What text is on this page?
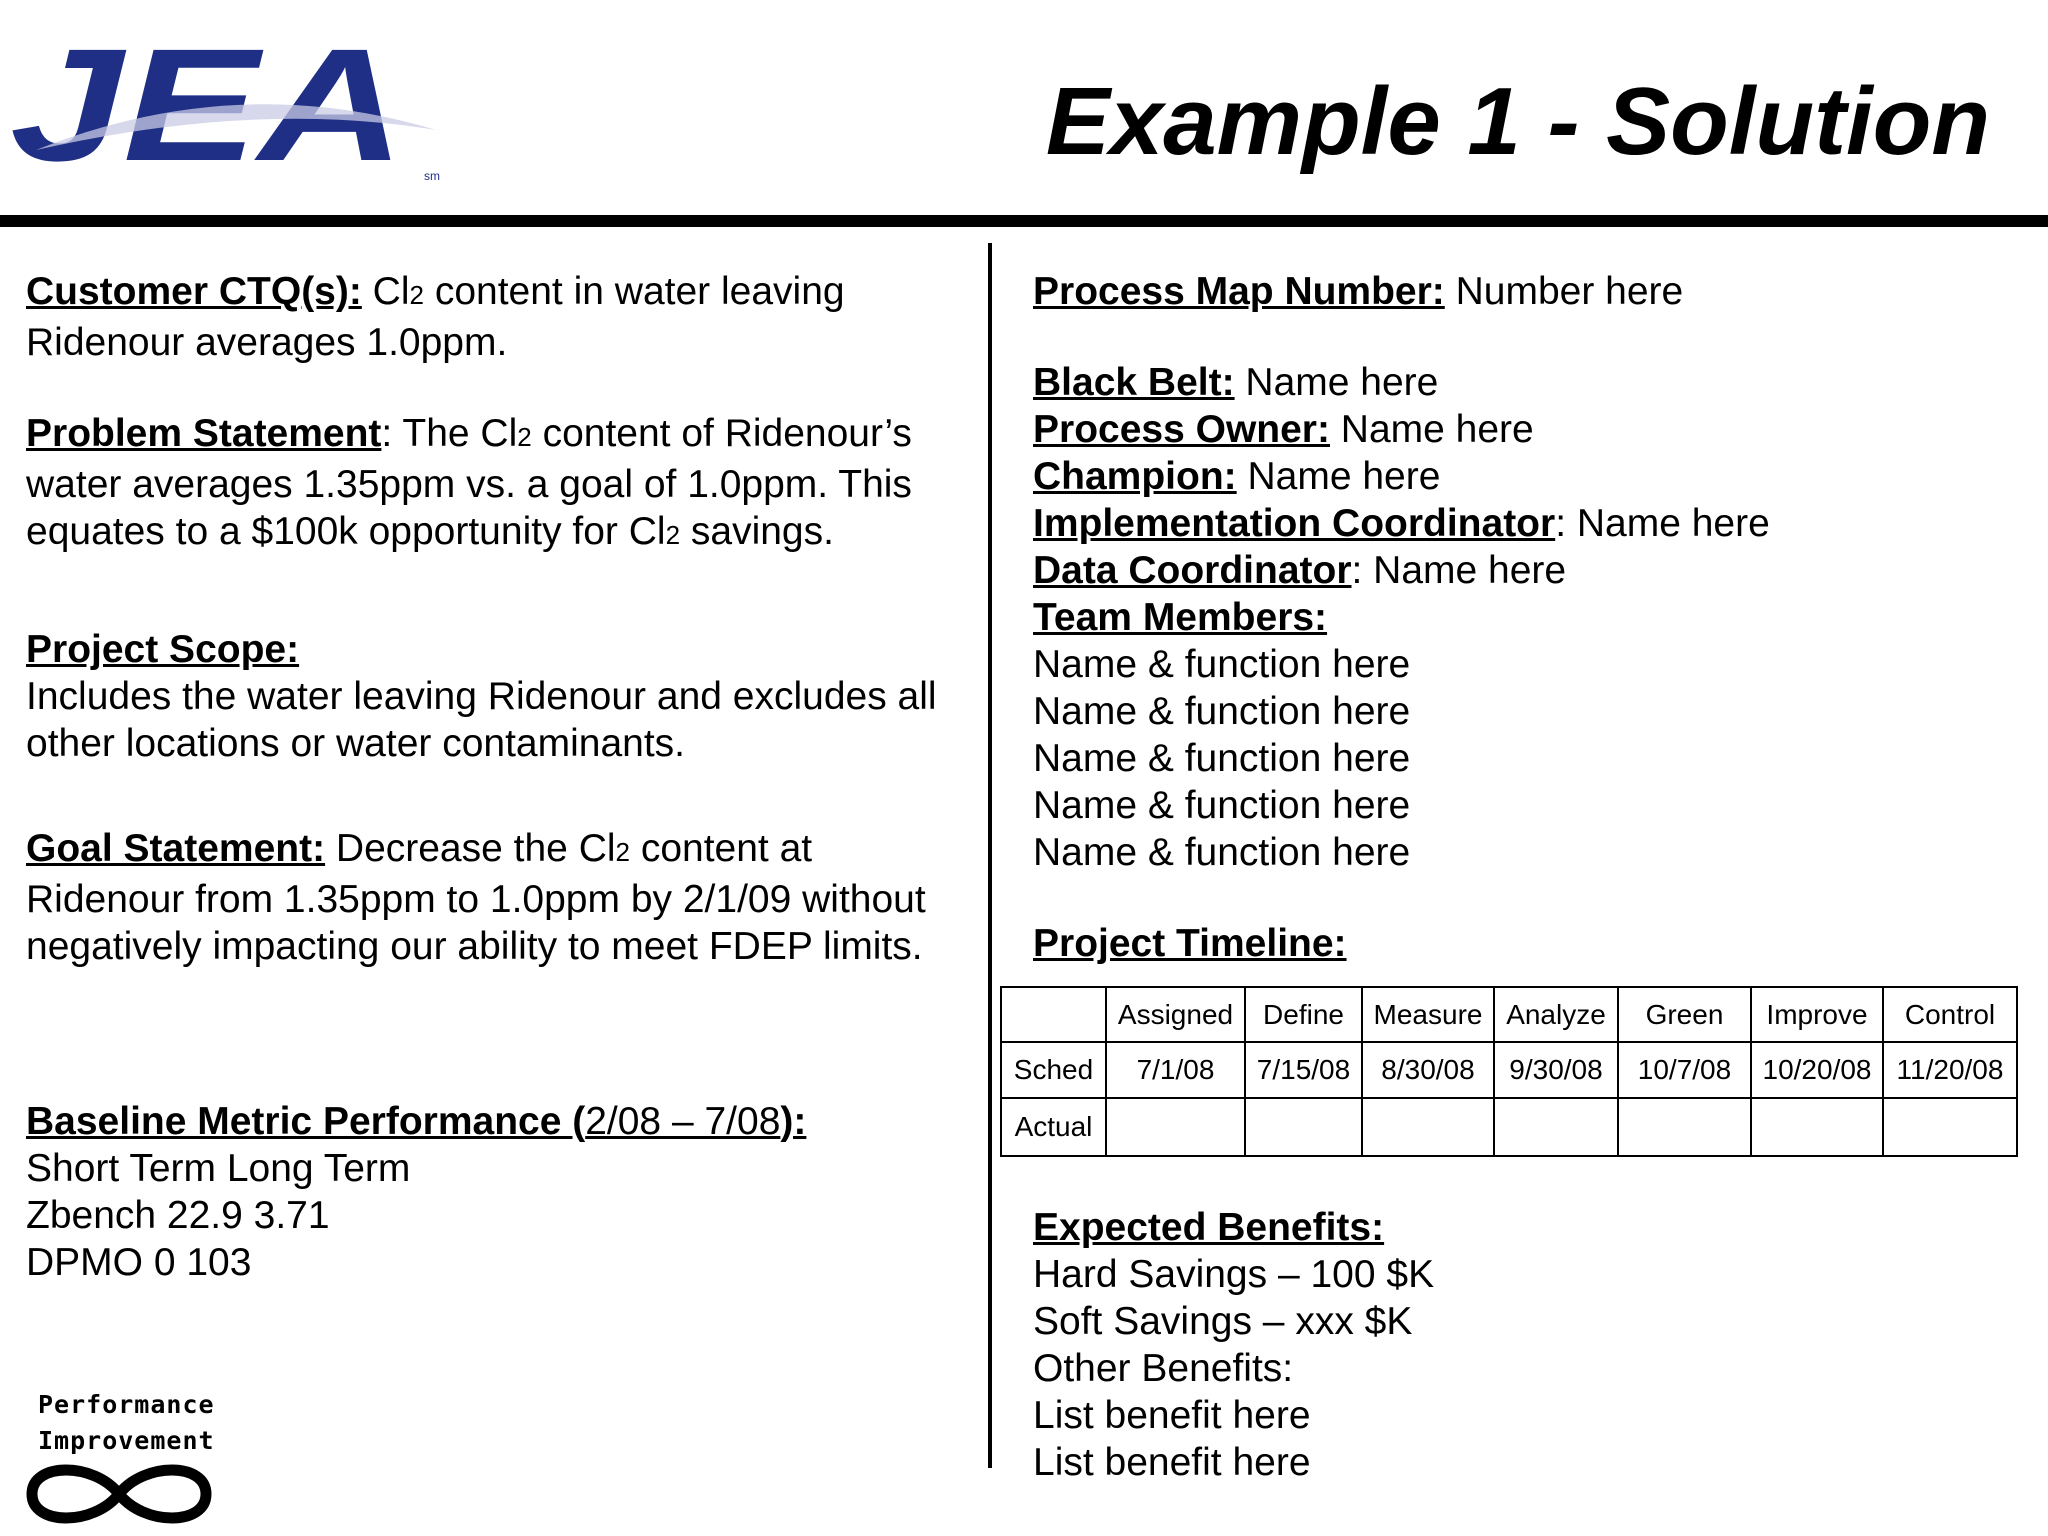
JEA sm
Example 1 - Solution

Customer CTQ(s): Cl2 content in water leaving Ridenour averages 1.0ppm.

Problem Statement: The Cl2 content of Ridenour’s water averages 1.35ppm vs. a goal of 1.0ppm. This equates to a $100k opportunity for Cl2 savings.

Project Scope:

Includes the water leaving Ridenour and excludes all other locations or water contaminants.

Goal Statement: Decrease the Cl2 content at Ridenour from 1.35ppm to 1.0ppm by 2/1/09 without negatively impacting our ability to meet FDEP limits.

Baseline Metric Performance (2/08 – 7/08):

Short Term Long Term

Zbench 22.9 3.71

DPMO 0 103

Process Map Number: Number here

Black Belt: Name here

Process Owner: Name here

Champion: Name here

Implementation Coordinator: Name here

Data Coordinator: Name here

Team Members:

Name & function here

Name & function here

Name & function here

Name & function here

Name & function here

Project Timeline:

	Assigned	Define	Measure	Analyze	Green	Improve	Control
Sched	7/1/08	7/15/08	8/30/08	9/30/08	10/7/08	10/20/08	11/20/08
Actual							

Expected Benefits:

Hard Savings – 100 $K

Soft Savings – xxx $K

Other Benefits:

List benefit here

List benefit here

Performance
Improvement
